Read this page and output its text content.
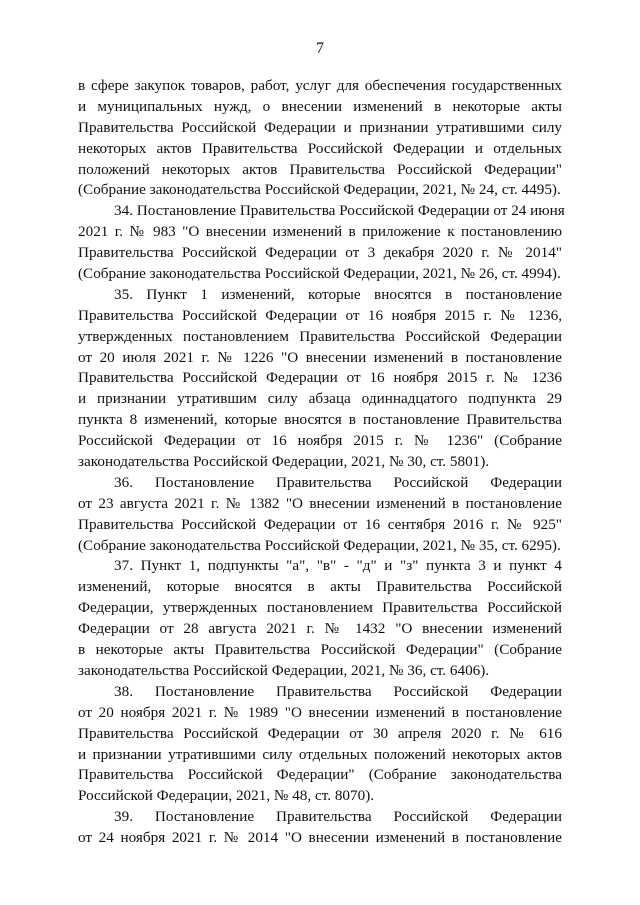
7
в сфере закупок товаров, работ, услуг для обеспечения государственных
и муниципальных нужд, о внесении изменений в некоторые акты
Правительства Российской Федерации и признании утратившими силу
некоторых актов Правительства Российской Федерации и отдельных
положений некоторых актов Правительства Российской Федерации"
(Собрание законодательства Российской Федерации, 2021, № 24, ст. 4495).
34. Постановление Правительства Российской Федерации от 24 июня
2021 г. № 983 "О внесении изменений в приложение к постановлению
Правительства Российской Федерации от 3 декабря 2020 г. № 2014"
(Собрание законодательства Российской Федерации, 2021, № 26, ст. 4994).
35. Пункт 1 изменений, которые вносятся в постановление
Правительства Российской Федерации от 16 ноября 2015 г. № 1236,
утвержденных постановлением Правительства Российской Федерации
от 20 июля 2021 г. № 1226 "О внесении изменений в постановление
Правительства Российской Федерации от 16 ноября 2015 г. № 1236
и признании утратившим силу абзаца одиннадцатого подпункта 29
пункта 8 изменений, которые вносятся в постановление Правительства
Российской Федерации от 16 ноября 2015 г. № 1236" (Собрание
законодательства Российской Федерации, 2021, № 30, ст. 5801).
36. Постановление Правительства Российской Федерации
от 23 августа 2021 г. № 1382 "О внесении изменений в постановление
Правительства Российской Федерации от 16 сентября 2016 г. № 925"
(Собрание законодательства Российской Федерации, 2021, № 35, ст. 6295).
37. Пункт 1, подпункты "а", "в" - "д" и "з" пункта 3 и пункт 4
изменений, которые вносятся в акты Правительства Российской
Федерации, утвержденных постановлением Правительства Российской
Федерации от 28 августа 2021 г. № 1432 "О внесении изменений
в некоторые акты Правительства Российской Федерации" (Собрание
законодательства Российской Федерации, 2021, № 36, ст. 6406).
38. Постановление Правительства Российской Федерации
от 20 ноября 2021 г. № 1989 "О внесении изменений в постановление
Правительства Российской Федерации от 30 апреля 2020 г. № 616
и признании утратившими силу отдельных положений некоторых актов
Правительства Российской Федерации" (Собрание законодательства
Российской Федерации, 2021, № 48, ст. 8070).
39. Постановление Правительства Российской Федерации
от 24 ноября 2021 г. № 2014 "О внесении изменений в постановление
